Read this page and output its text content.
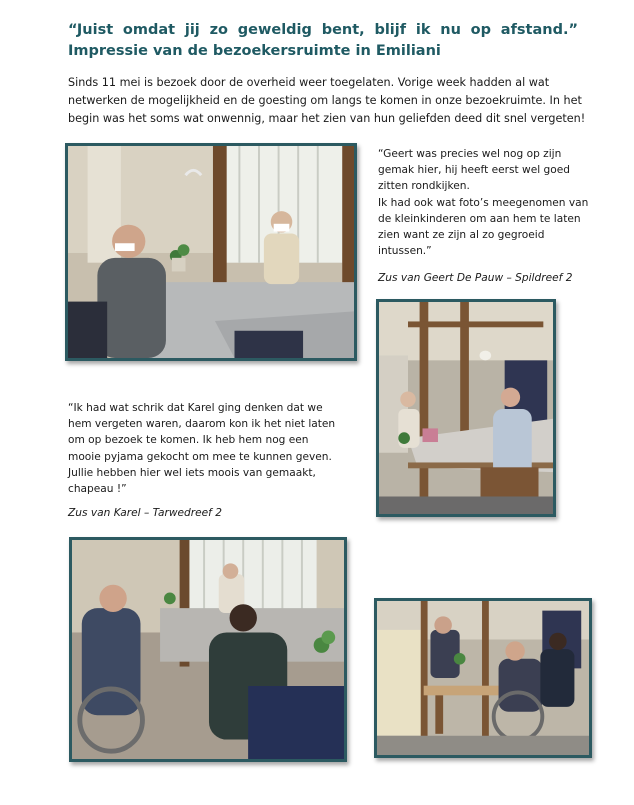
“Juist omdat jij zo geweldig bent, blijf ik nu op afstand.”
Impressie van de bezoekersruimte in Emiliani
Sinds 11 mei is bezoek door de overheid weer toegelaten. Vorige week hadden al wat
netwerken de mogelijkheid en de goesting om langs te komen in onze bezoekruimte. In het
begin was het soms wat onwennig, maar het zien van hun geliefden deed dit snel vergeten!
“Geert was precies wel nog op zijn
gemak hier, hij heeft eerst wel goed
zitten rondkijken.
Ik had ook wat foto’s meegenomen van
de kleinkinderen om aan hem te laten
zien want ze zijn al zo gegroeid
intussen.”
Zus van Geert De Pauw – Spildreef 2
“Ik had wat schrik dat Karel ging denken dat we
hem vergeten waren, daarom kon ik het niet laten
om op bezoek te komen. Ik heb hem nog een
mooie pyjama gekocht om mee te kunnen geven.
Jullie hebben hier wel iets moois van gemaakt,
chapeau !”
Zus van Karel – Tarwedreef 2
